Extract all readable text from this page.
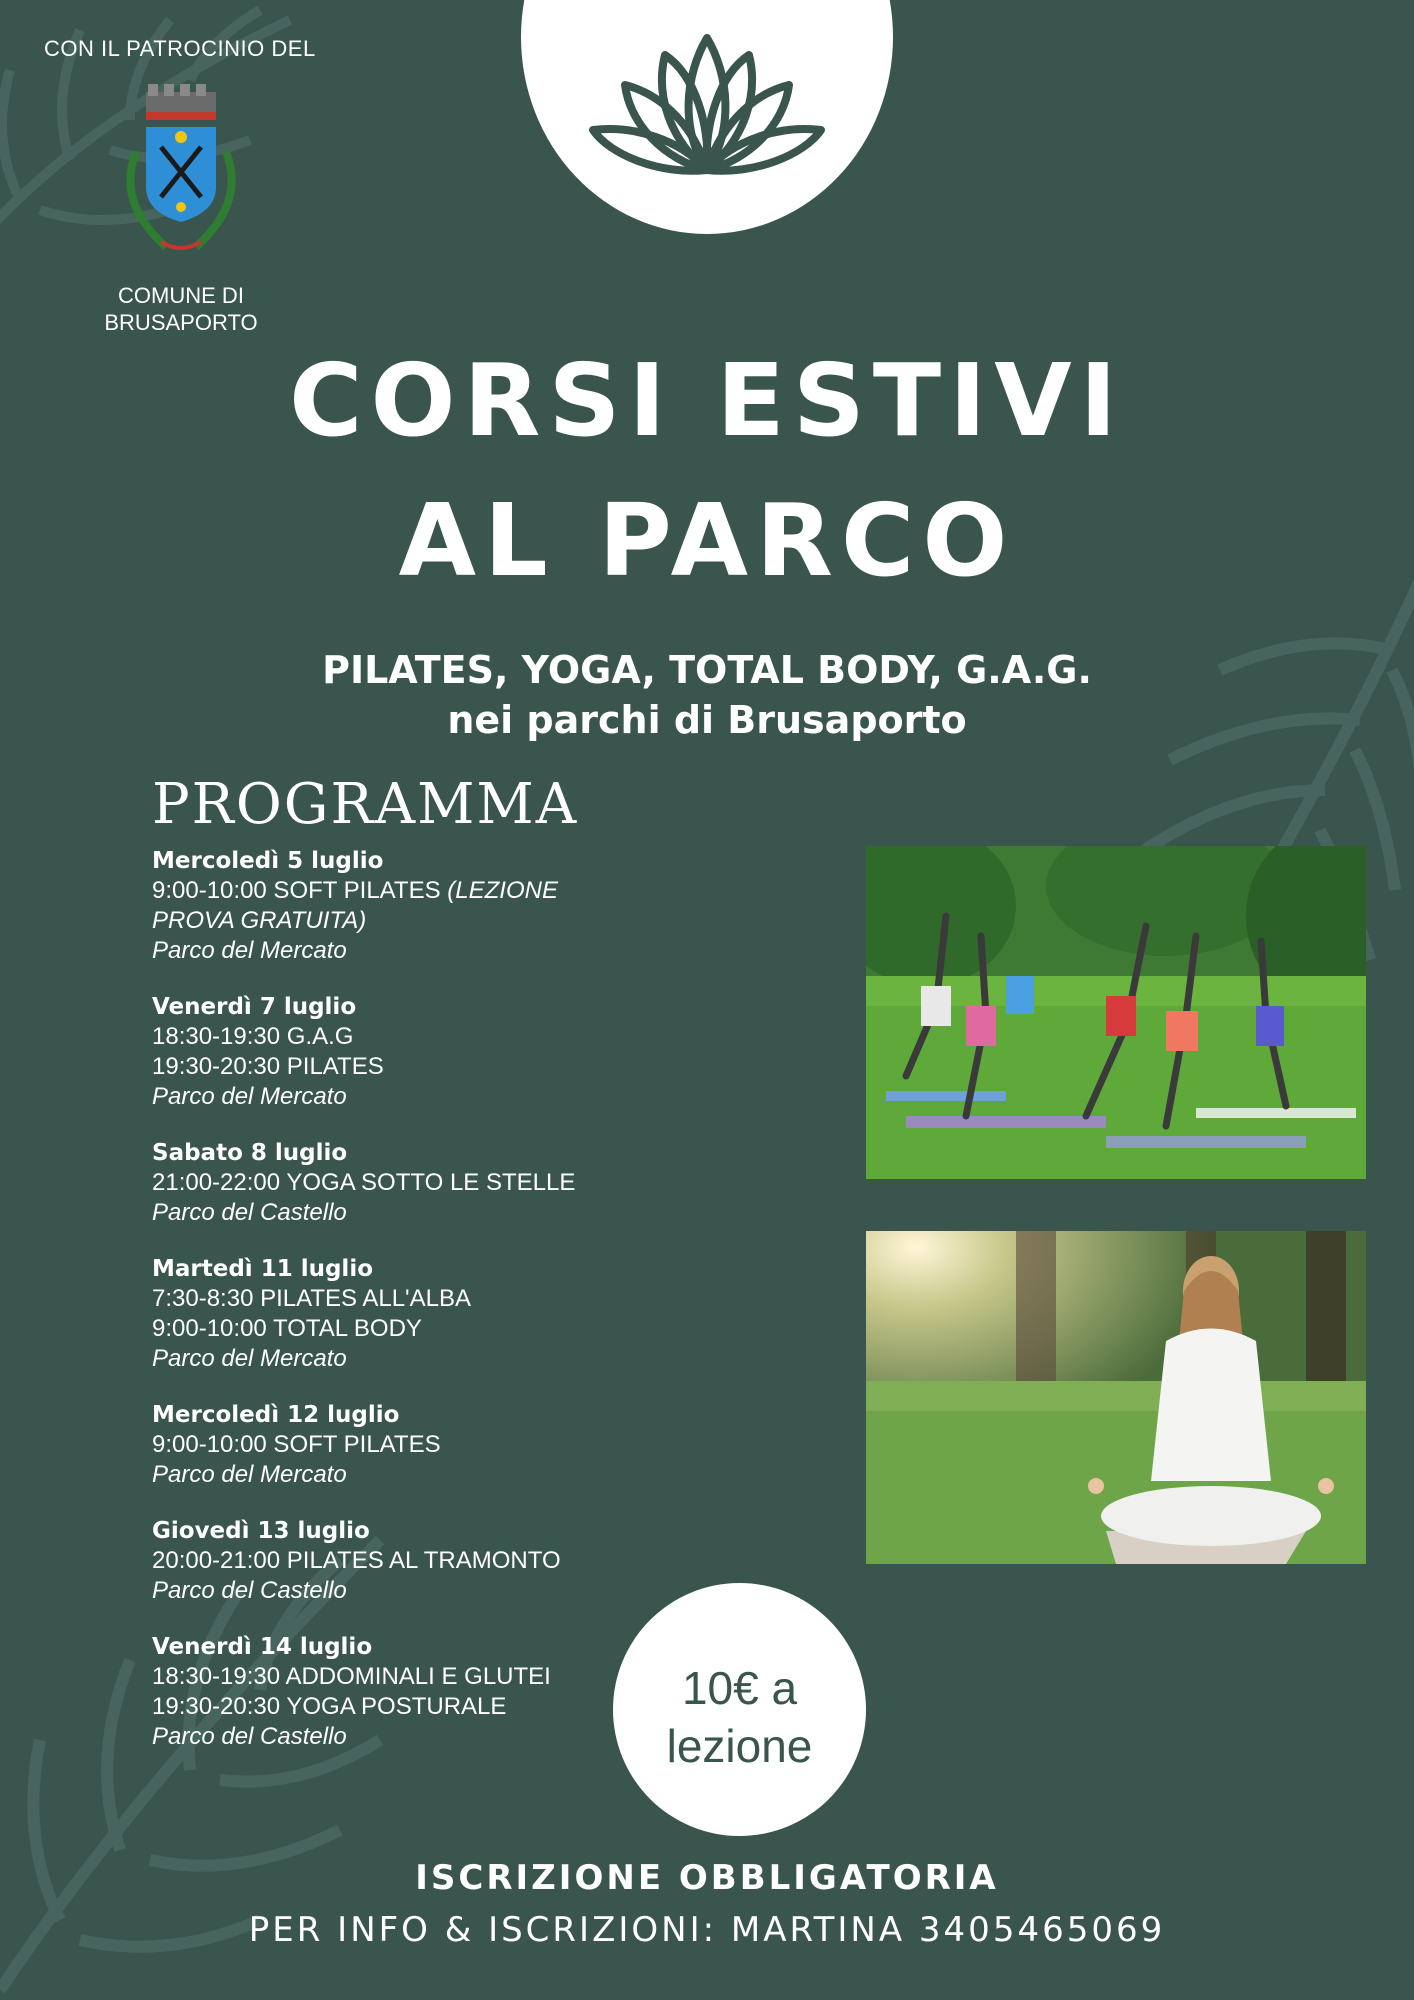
CON IL PATROCINIO DEL
COMUNE DI
BRUSAPORTO
CORSI ESTIVI
AL PARCO
PILATES, YOGA, TOTAL BODY, G.A.G.
nei parchi di Brusaporto
PROGRAMMA
Mercoledì 5 luglio
9:00-10:00 SOFT PILATES (LEZIONE PROVA GRATUITA)
Parco del Mercato
Venerdì 7 luglio
18:30-19:30 G.A.G
19:30-20:30 PILATES
Parco del Mercato
Sabato 8 luglio
21:00-22:00 YOGA SOTTO LE STELLE
Parco del Castello
Martedì 11 luglio
7:30-8:30 PILATES ALL'ALBA
9:00-10:00 TOTAL BODY
Parco del Mercato
Mercoledì 12 luglio
9:00-10:00 SOFT PILATES
Parco del Mercato
Giovedì 13 luglio
20:00-21:00 PILATES AL TRAMONTO
Parco del Castello
Venerdì 14 luglio
18:30-19:30 ADDOMINALI E GLUTEI
19:30-20:30 YOGA POSTURALE
Parco del Castello
10€ a
lezione
ISCRIZIONE OBBLIGATORIA
PER INFO & ISCRIZIONI: MARTINA 3405465069
